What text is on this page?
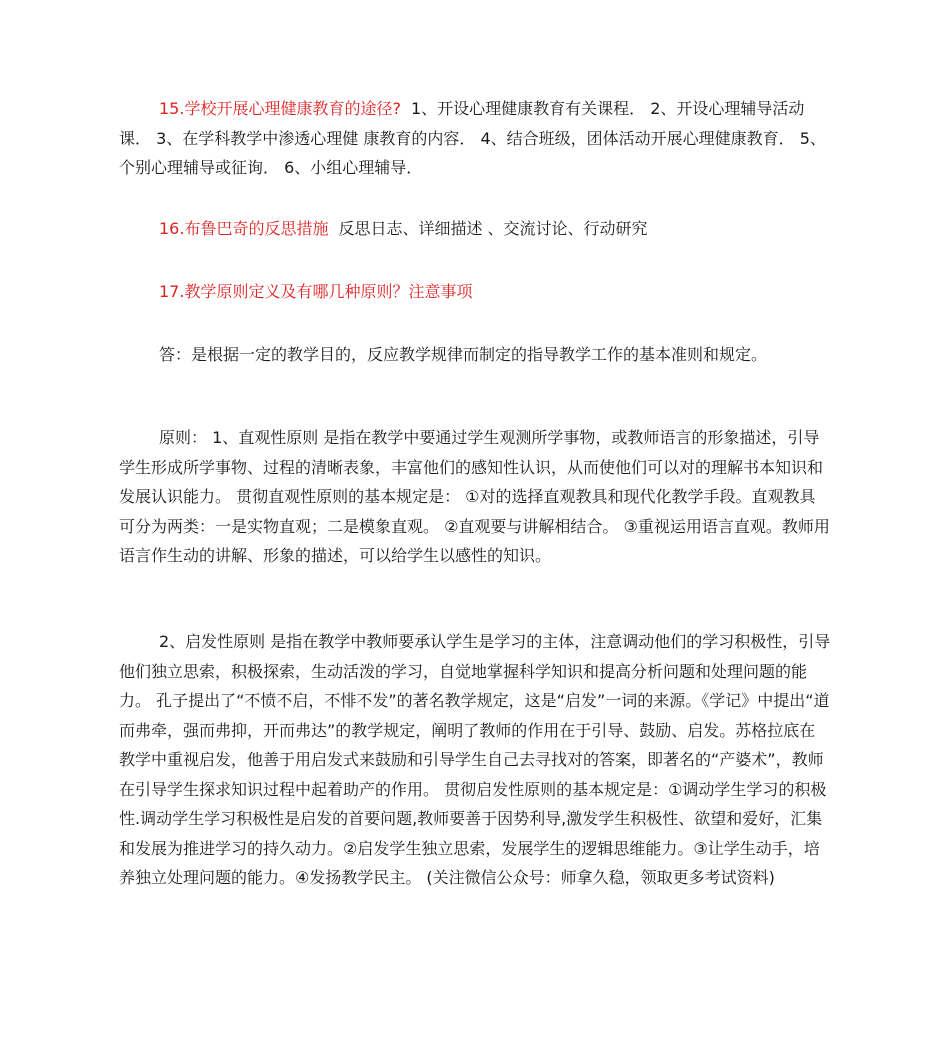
15.学校开展心理健康教育的途径? 1、开设心理健康教育有关课程． 2、开设心理辅导活动课． 3、在学科教学中渗透心理健 康教育的内容． 4、结合班级，团体活动开展心理健康教育． 5、个别心理辅导或征询． 6、小组心理辅导．

16.布鲁巴奇的反思措施 反思日志、详细描述 、交流讨论、行动研究

17.教学原则定义及有哪几种原则？注意事项

答：是根据一定的教学目的，反应教学规律而制定的指导教学工作的基本准则和规定。

原则： 1、直观性原则 是指在教学中要通过学生观测所学事物，或教师语言的形象描述，引导学生形成所学事物、过程的清晰表象，丰富他们的感知性认识，从而使他们可以对的理解书本知识和发展认识能力。 贯彻直观性原则的基本规定是： ①对的选择直观教具和现代化教学手段。直观教具可分为两类：一是实物直观；二是模象直观。 ②直观要与讲解相结合。 ③重视运用语言直观。教师用语言作生动的讲解、形象的描述，可以给学生以感性的知识。

2、启发性原则 是指在教学中教师要承认学生是学习的主体，注意调动他们的学习积极性，引导他们独立思索，积极探索，生动活泼的学习，自觉地掌握科学知识和提高分析问题和处理问题的能力。 孔子提出了“不愤不启，不悱不发”的著名教学规定，这是“启发”一词的来源。《学记》中提出“道而弗牵，强而弗抑，开而弗达”的教学规定，阐明了教师的作用在于引导、鼓励、启发。苏格拉底在教学中重视启发，他善于用启发式来鼓励和引导学生自己去寻找对的答案，即著名的“产婆术”，教师在引导学生探求知识过程中起着助产的作用。 贯彻启发性原则的基本规定是：①调动学生学习的积极性.调动学生学习积极性是启发的首要问题,教师要善于因势利导,激发学生积极性、欲望和爱好，汇集和发展为推进学习的持久动力。②启发学生独立思索，发展学生的逻辑思维能力。③让学生动手，培养独立处理问题的能力。④发扬教学民主。 (关注微信公众号：师拿久稳，领取更多考试资料)
